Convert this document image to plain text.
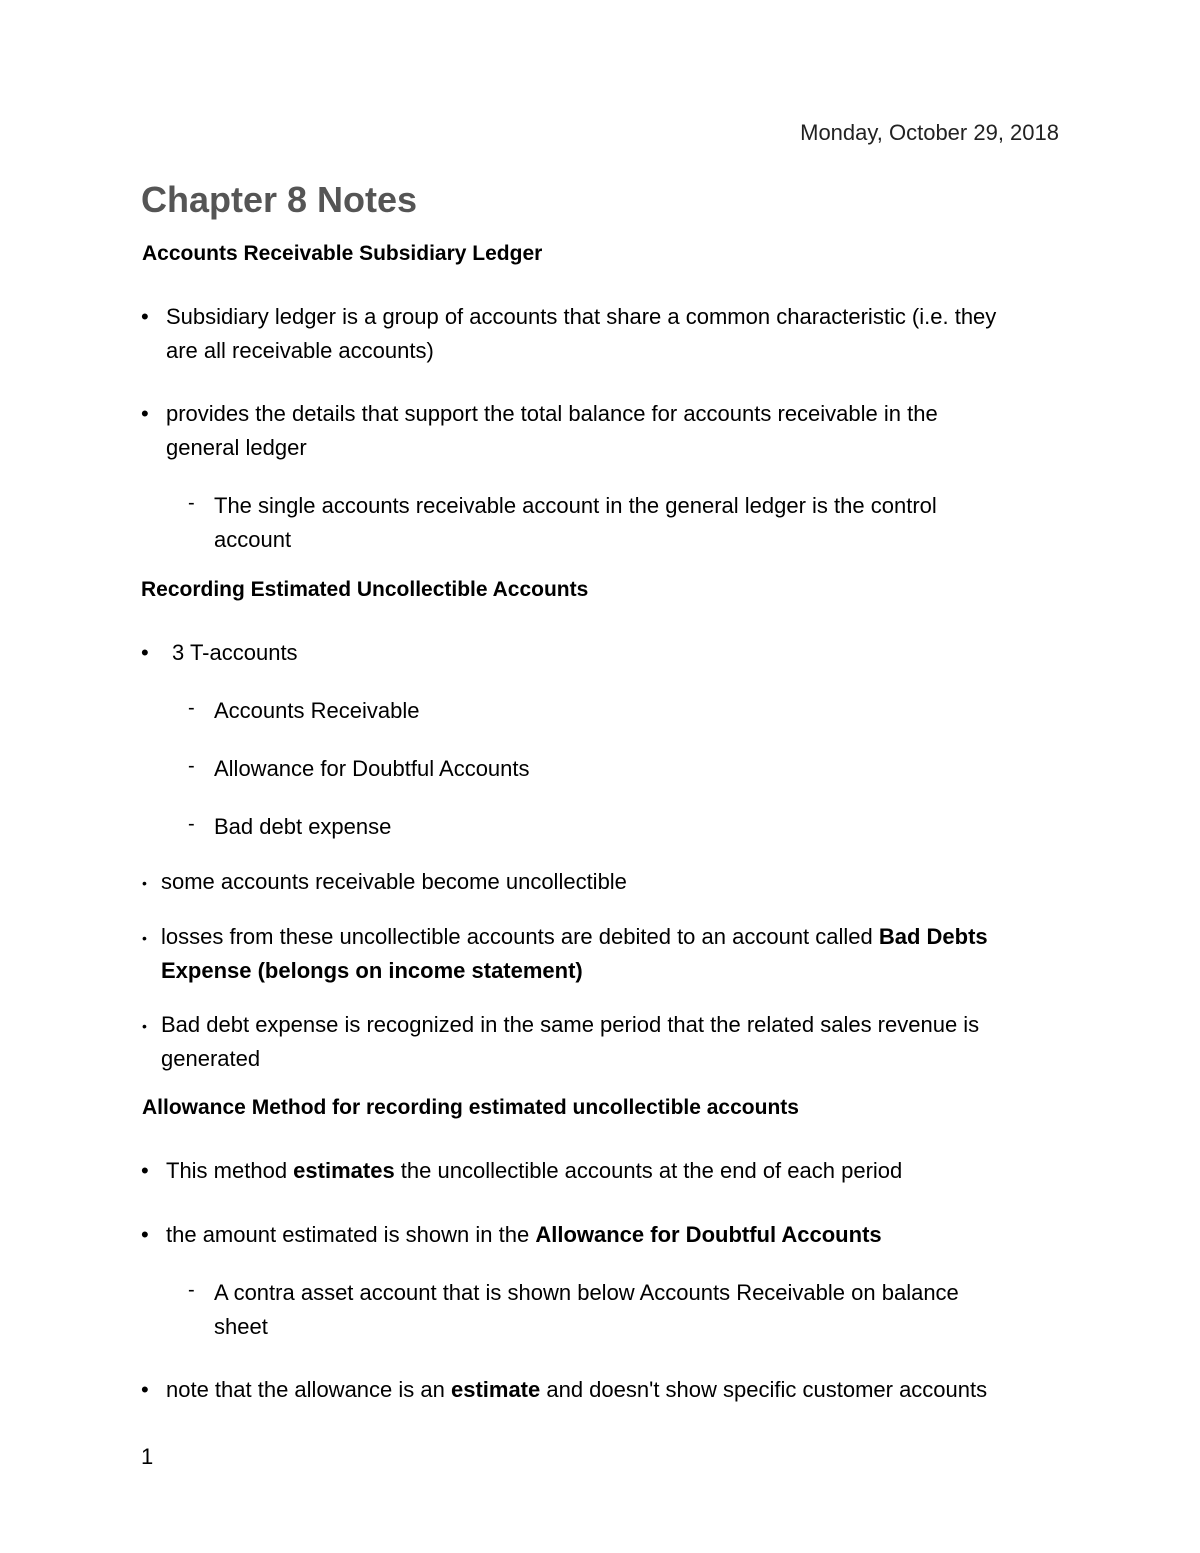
Monday, October 29, 2018
Chapter 8 Notes
Accounts Receivable Subsidiary Ledger
• Subsidiary ledger is a group of accounts that share a common characteristic (i.e. they
are all receivable accounts)
• provides the details that support the total balance for accounts receivable in the
general ledger
- The single accounts receivable account in the general ledger is the control
account
Recording Estimated Uncollectible Accounts
• 3 T-accounts
- Accounts Receivable
- Allowance for Doubtful Accounts
- Bad debt expense
• some accounts receivable become uncollectible
• losses from these uncollectible accounts are debited to an account called Bad Debts
Expense (belongs on income statement)
• Bad debt expense is recognized in the same period that the related sales revenue is
generated
Allowance Method for recording estimated uncollectible accounts
• This method estimates the uncollectible accounts at the end of each period
• the amount estimated is shown in the Allowance for Doubtful Accounts
- A contra asset account that is shown below Accounts Receivable on balance
sheet
• note that the allowance is an estimate and doesn't show specific customer accounts
1
